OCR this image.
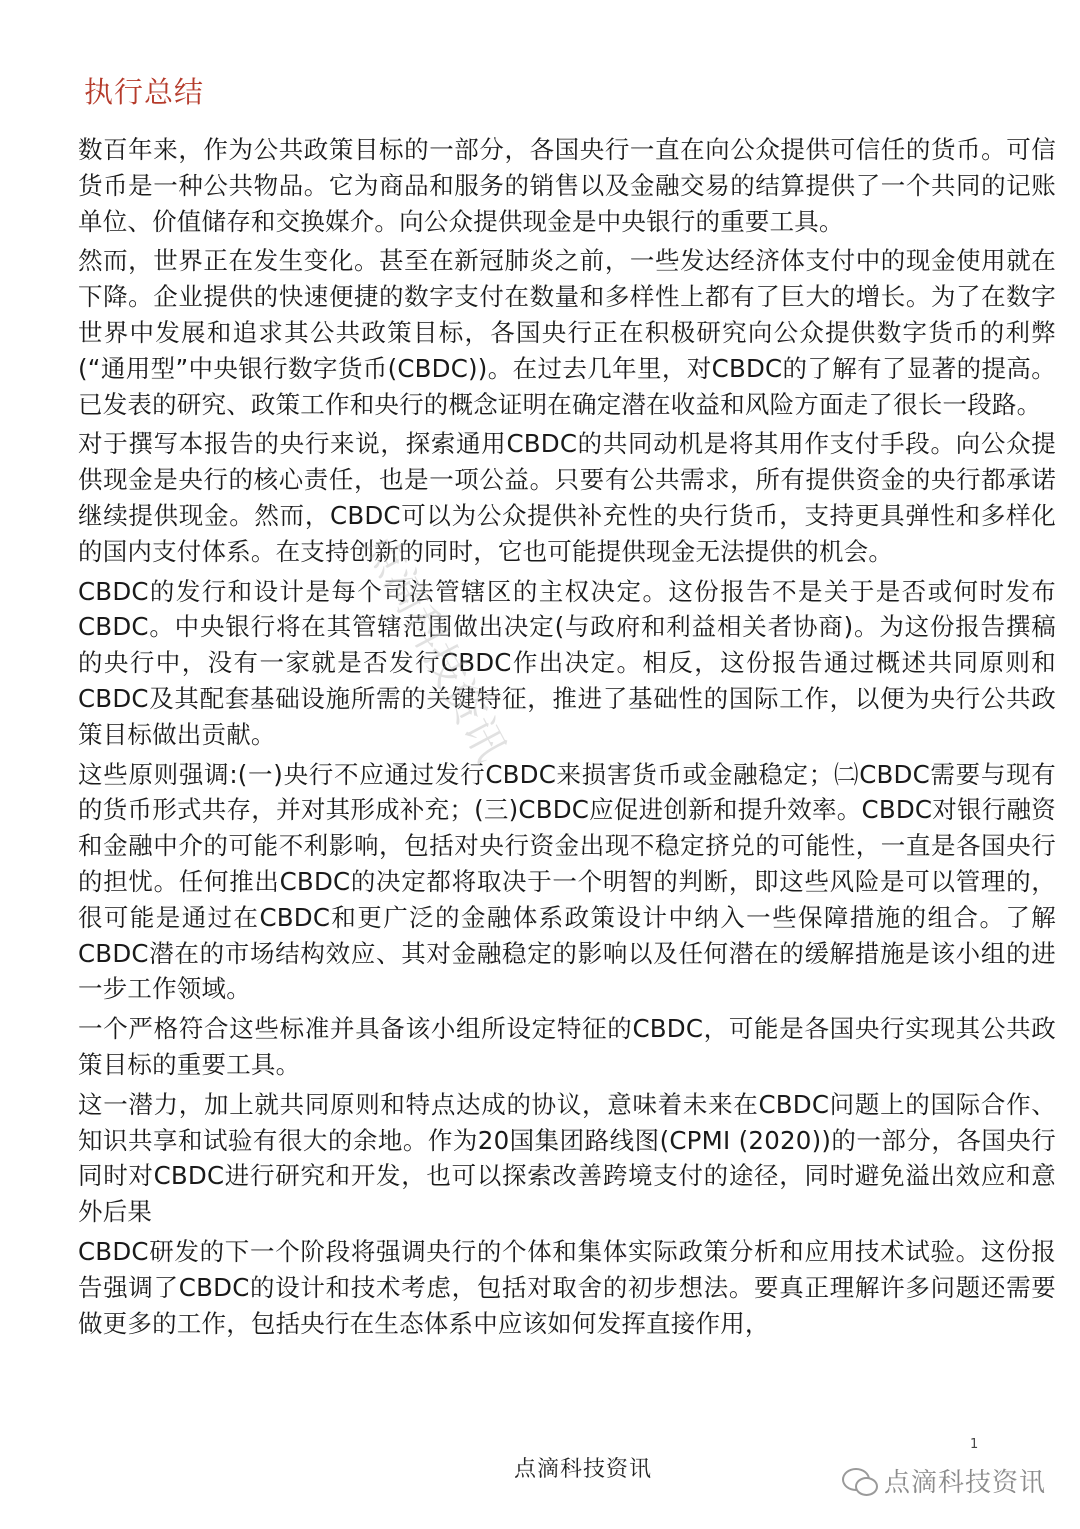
执行总结

数百年来，作为公共政策目标的一部分，各国央行一直在向公众提供可信任的货币。可信货币是一种公共物品。它为商品和服务的销售以及金融交易的结算提供了一个共同的记账单位、价值储存和交换媒介。向公众提供现金是中央银行的重要工具。

然而，世界正在发生变化。甚至在新冠肺炎之前，一些发达经济体支付中的现金使用就在下降。企业提供的快速便捷的数字支付在数量和多样性上都有了巨大的增长。为了在数字世界中发展和追求其公共政策目标，各国央行正在积极研究向公众提供数字货币的利弊(“通用型”中央银行数字货币(CBDC))。在过去几年里，对CBDC的了解有了显著的提高。已发表的研究、政策工作和央行的概念证明在确定潜在收益和风险方面走了很长一段路。

对于撰写本报告的央行来说，探索通用CBDC的共同动机是将其用作支付手段。向公众提供现金是央行的核心责任，也是一项公益。只要有公共需求，所有提供资金的央行都承诺继续提供现金。然而，CBDC可以为公众提供补充性的央行货币，支持更具弹性和多样化的国内支付体系。在支持创新的同时，它也可能提供现金无法提供的机会。

CBDC的发行和设计是每个司法管辖区的主权决定。这份报告不是关于是否或何时发布CBDC。中央银行将在其管辖范围做出决定(与政府和利益相关者协商)。为这份报告撰稿的央行中，没有一家就是否发行CBDC作出决定。相反，这份报告通过概述共同原则和CBDC及其配套基础设施所需的关键特征，推进了基础性的国际工作，以便为央行公共政策目标做出贡献。

这些原则强调:(一)央行不应通过发行CBDC来损害货币或金融稳定；㈡CBDC需要与现有的货币形式共存，并对其形成补充；(三)CBDC应促进创新和提升效率。CBDC对银行融资和金融中介的可能不利影响，包括对央行资金出现不稳定挤兑的可能性，一直是各国央行的担忧。任何推出CBDC的决定都将取决于一个明智的判断，即这些风险是可以管理的，很可能是通过在CBDC和更广泛的金融体系政策设计中纳入一些保障措施的组合。了解CBDC潜在的市场结构效应、其对金融稳定的影响以及任何潜在的缓解措施是该小组的进一步工作领域。

一个严格符合这些标准并具备该小组所设定特征的CBDC，可能是各国央行实现其公共政策目标的重要工具。

这一潜力，加上就共同原则和特点达成的协议，意味着未来在CBDC问题上的国际合作、知识共享和试验有很大的余地。作为20国集团路线图(CPMI (2020))的一部分，各国央行同时对CBDC进行研究和开发，也可以探索改善跨境支付的途径，同时避免溢出效应和意外后果

CBDC研发的下一个阶段将强调央行的个体和集体实际政策分析和应用技术试验。这份报告强调了CBDC的设计和技术考虑，包括对取舍的初步想法。要真正理解许多问题还需要做更多的工作，包括央行在生态体系中应该如何发挥直接作用，

点滴科技资讯
1
点滴科技资讯	点滴科技资讯
